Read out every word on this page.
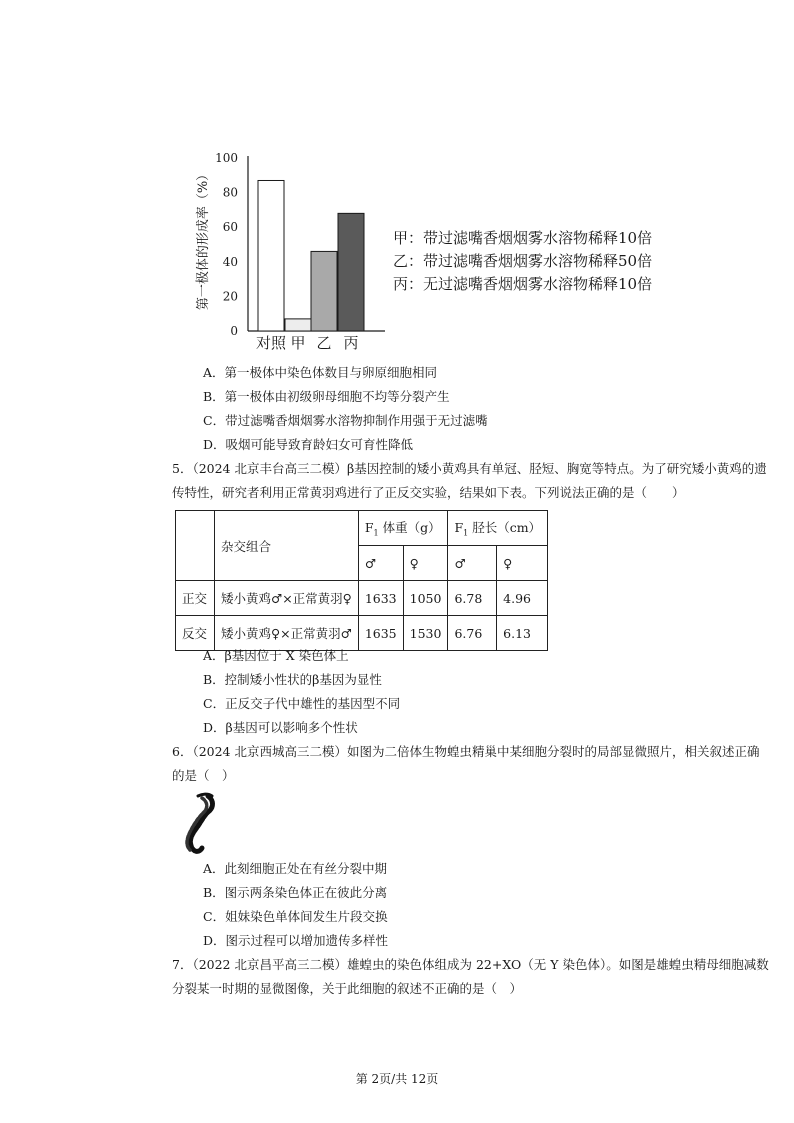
100
80
60
40
20
0
对照 甲 乙 丙
第一极体的形成率（%）	甲：带过滤嘴香烟烟雾水溶物稀释10倍
乙：带过滤嘴香烟烟雾水溶物稀释50倍
丙：无过滤嘴香烟烟雾水溶物稀释10倍
A．第一极体中染色体数目与卵原细胞相同
B．第一极体由初级卵母细胞不均等分裂产生
C．带过滤嘴香烟烟雾水溶物抑制作用强于无过滤嘴
D．吸烟可能导致育龄妇女可育性降低
5．（2024 北京丰台高三二模）β基因控制的矮小黄鸡具有单冠、胫短、胸宽等特点。为了研究矮小黄鸡的遗
传特性，研究者利用正常黄羽鸡进行了正反交实验，结果如下表。下列说法正确的是（　　）
	杂交组合	$F_1$ 体重（g）		$F_1$ 胫长（cm）	
		♂	♀	♂	♀
正交	矮小黄鸡♂×正常黄羽♀	1633	1050	6.78	4.96
反交	矮小黄鸡♀×正常黄羽♂	1635	1530	6.76	6.13
A．β基因位于 X 染色体上
B．控制矮小性状的β基因为显性
C．正反交子代中雄性的基因型不同
D．β基因可以影响多个性状
6．（2024 北京西城高三二模）如图为二倍体生物蝗虫精巢中某细胞分裂时的局部显微照片，相关叙述正确
的是（　）
A．此刻细胞正处在有丝分裂中期
B．图示两条染色体正在彼此分离
C．姐妹染色单体间发生片段交换
D．图示过程可以增加遗传多样性
7．（2022 北京昌平高三二模）雄蝗虫的染色体组成为 22+XO（无 Y 染色体）。如图是雄蝗虫精母细胞减数
分裂某一时期的显微图像，关于此细胞的叙述不正确的是（　）
第 2页/共 12页
